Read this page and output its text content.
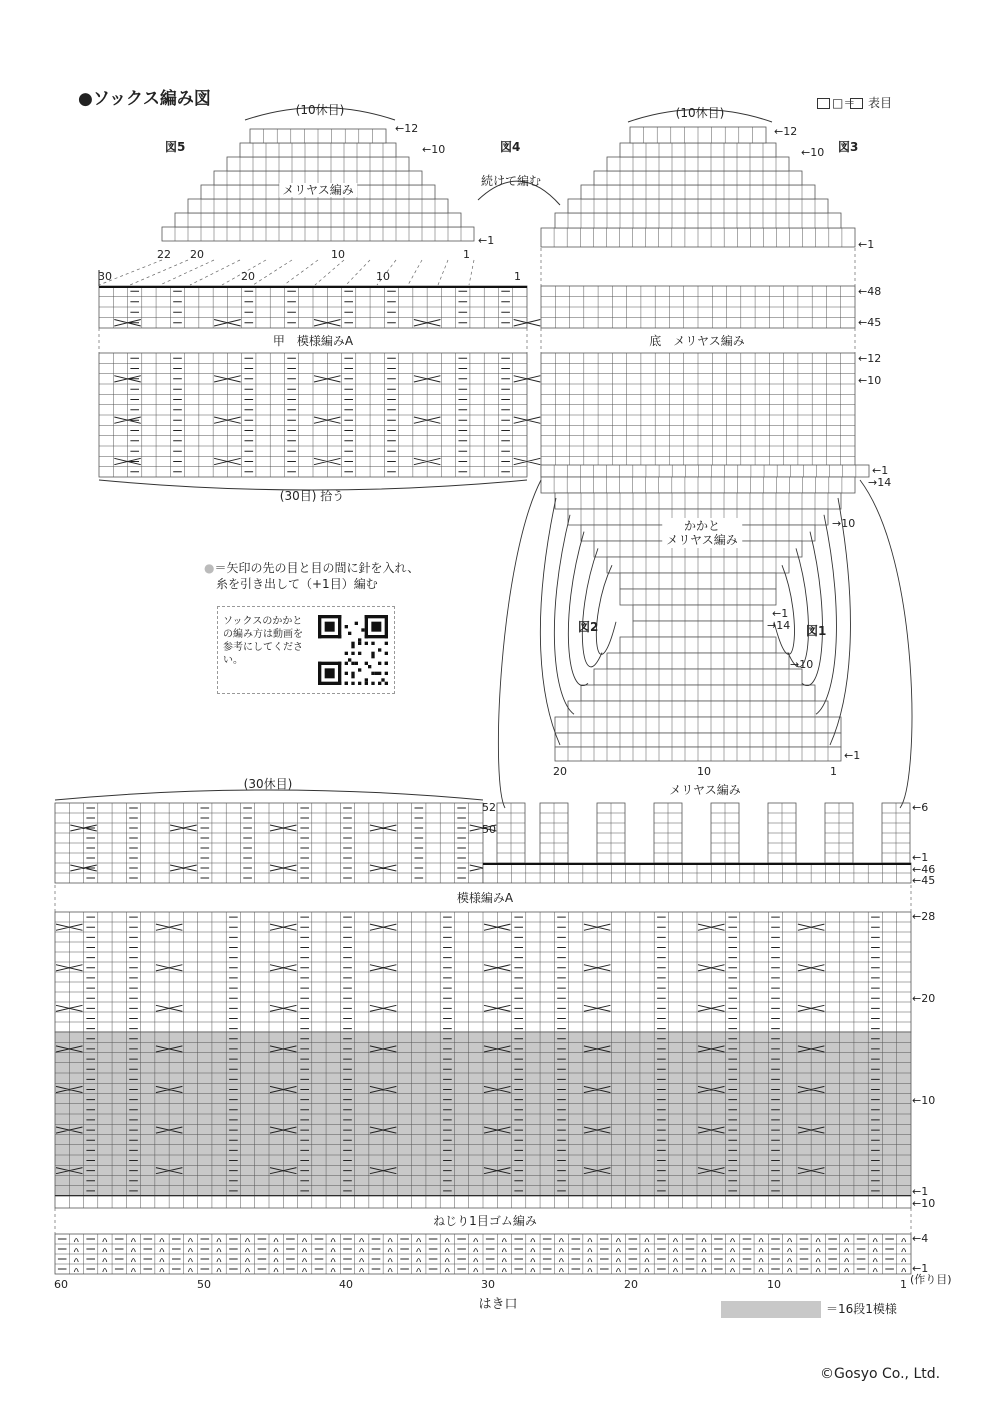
●ソックス編み図	□＝ 表目
図5	図4	図3
図2	図1
(10休目)	(10休目)
メリヤス編み
続けて編む
甲　模様編みA	底　メリヤス編み
(30目) 拾う
かかと
メリヤス編み
メリヤス編み
(30休目)
模様編みA
ねじり1目ゴム編み
はき口
(作り目)
©Gosyo Co., Ltd.
●＝矢印の先の目と目の間に針を入れ、
糸を引き出して（+1目）編む
ソックスのかかとの編み方は動画を参考にしてください。
＝16段1模様
22 20	10	1
30	20	10	1
←12
←10
←1
←12
←10
←1
←48
←45
←12
←10
←1
→14
→10
←1
→14
→10
←1
20	10	1
←6
←1
←46
←45
52
50
←28
←20
←10
←1
←10
←4
←1
60	50	40	30	20	10	1
